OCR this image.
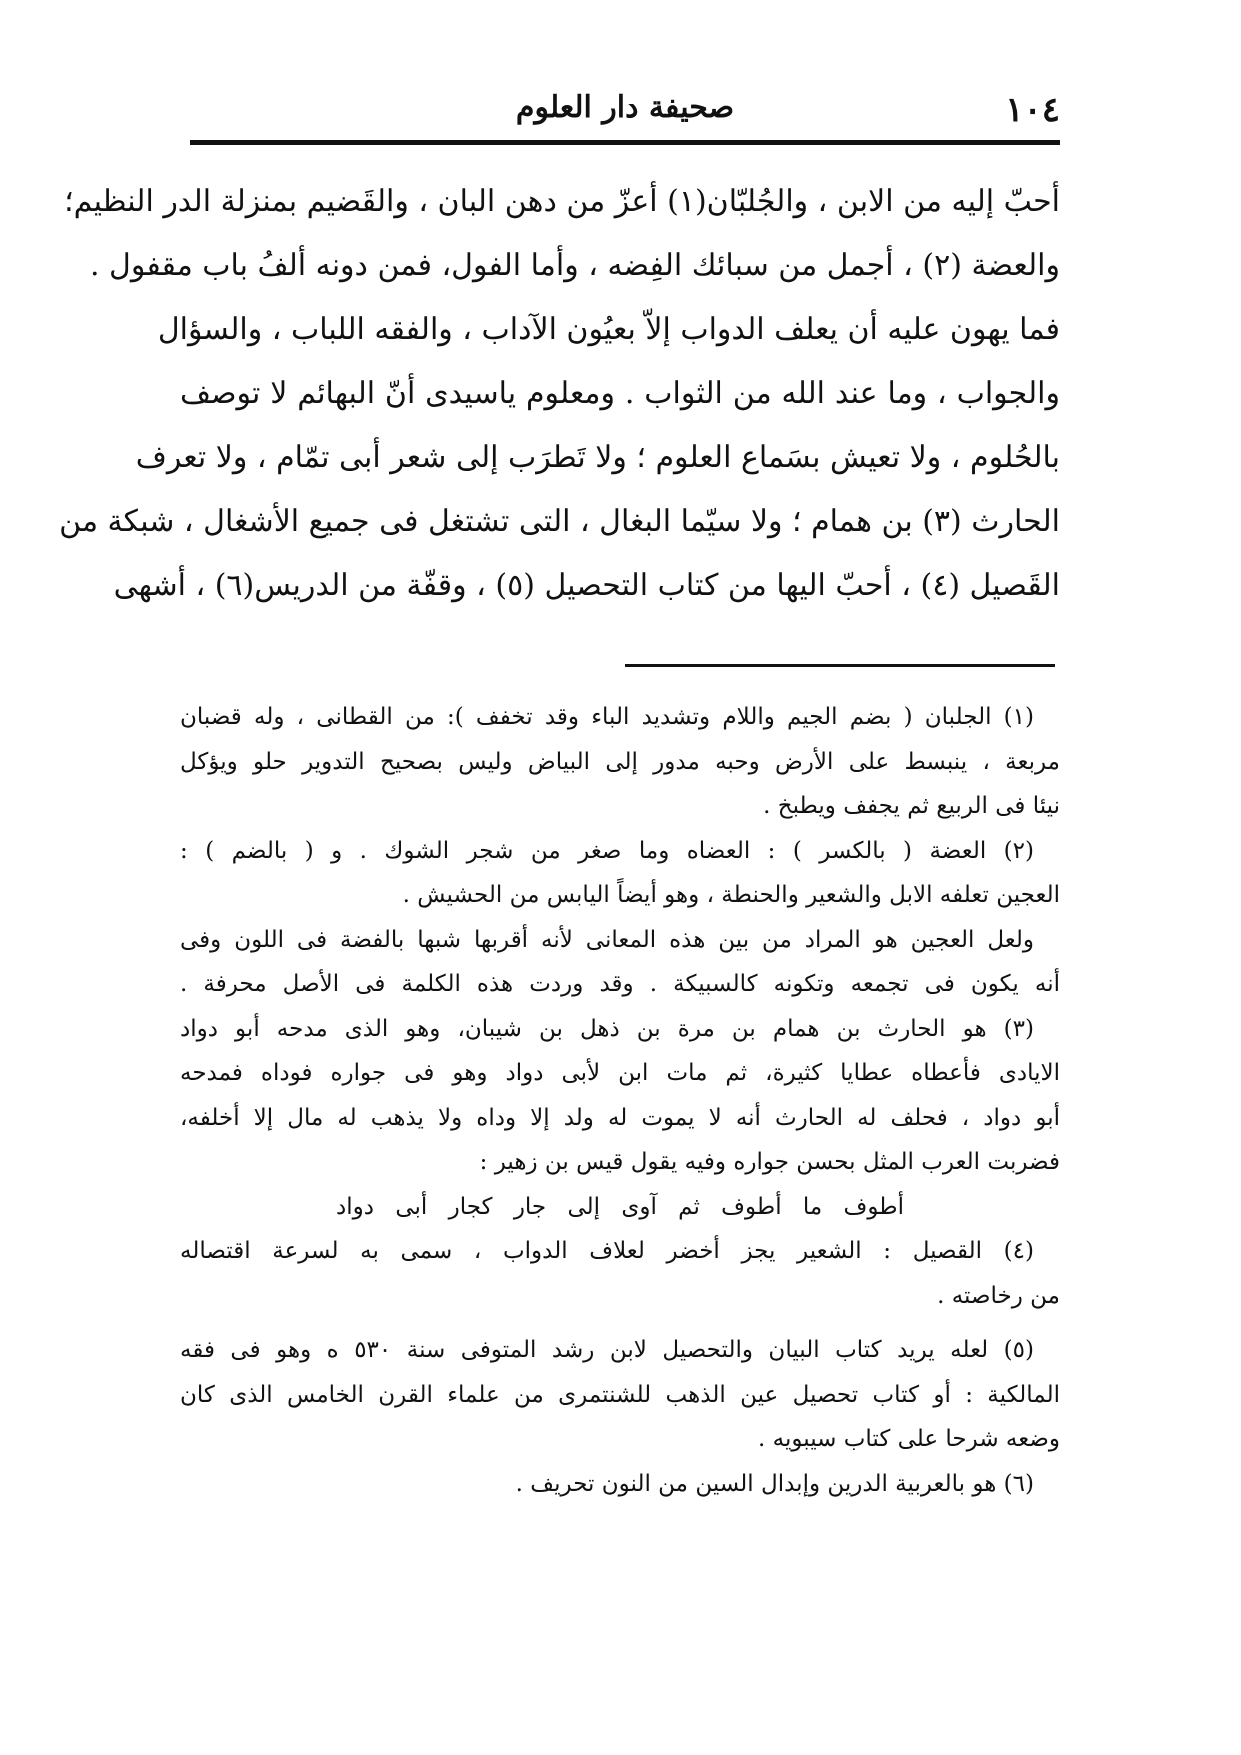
١٠٤
صحيفة دار العلوم
أحبّ إليه من الابن ، والجُلبّان(١) أعزّ من دهن البان ، والقَضيم بمنزلة الدر النظيم؛
والعضة (٢) ، أجمل من سبائك الفِضه ، وأما الفول، فمن دونه ألفُ باب مقفول .
فما يهون عليه أن يعلف الدواب إلاّ بعيُون الآداب ، والفقه اللباب ، والسؤال
والجواب ، وما عند الله من الثواب . ومعلوم ياسيدى أنّ البهائم لا توصف
بالحُلوم ، ولا تعيش بسَماع العلوم ؛ ولا تَطرَب إلى شعر أبى تمّام ، ولا تعرف
الحارث (٣) بن همام ؛ ولا سيّما البغال ، التى تشتغل فى جميع الأشغال ، شبكة من
القَصيل (٤) ، أحبّ اليها من كتاب التحصيل (٥) ، وقفّة من الدريس(٦) ، أشهى
(١) الجلبان ( بضم الجيم واللام وتشديد الباء وقد تخفف ): من القطانى ، وله قضبان
مربعة ، ينبسط على الأرض وحبه مدور إلى البياض وليس بصحيح التدوير حلو ويؤكل
نيئا فى الربيع ثم يجفف ويطبخ .
(٢) العضة ( بالكسر ) : العضاه وما صغر من شجر الشوك . و ( بالضم ) :
العجين تعلفه الابل والشعير والحنطة ، وهو أيضاً اليابس من الحشيش .
ولعل العجين هو المراد من بين هذه المعانى لأنه أقربها شبها بالفضة فى اللون وفى
أنه يكون فى تجمعه وتكونه كالسبيكة . وقد وردت هذه الكلمة فى الأصل محرفة .
(٣) هو الحارث بن همام بن مرة بن ذهل بن شيبان، وهو الذى مدحه أبو دواد
الايادى فأعطاه عطايا كثيرة، ثم مات ابن لأبى دواد وهو فى جواره فوداه فمدحه
أبو دواد ، فحلف له الحارث أنه لا يموت له ولد إلا وداه ولا يذهب له مال إلا أخلفه،
فضربت العرب المثل بحسن جواره وفيه يقول قيس بن زهير :
أطوف ما أطوف ثم آوى إلى جار كجار أبى دواد
(٤) القصيل : الشعير يجز أخضر لعلاف الدواب ، سمى به لسرعة اقتصاله
من رخاصته .
(٥) لعله يريد كتاب البيان والتحصيل لابن رشد المتوفى سنة ٥٣٠ ه وهو فى فقه
المالكية : أو كتاب تحصيل عين الذهب للشنتمرى من علماء القرن الخامس الذى كان
وضعه شرحا على كتاب سيبويه .
(٦) هو بالعربية الدرين وإبدال السين من النون تحريف .
